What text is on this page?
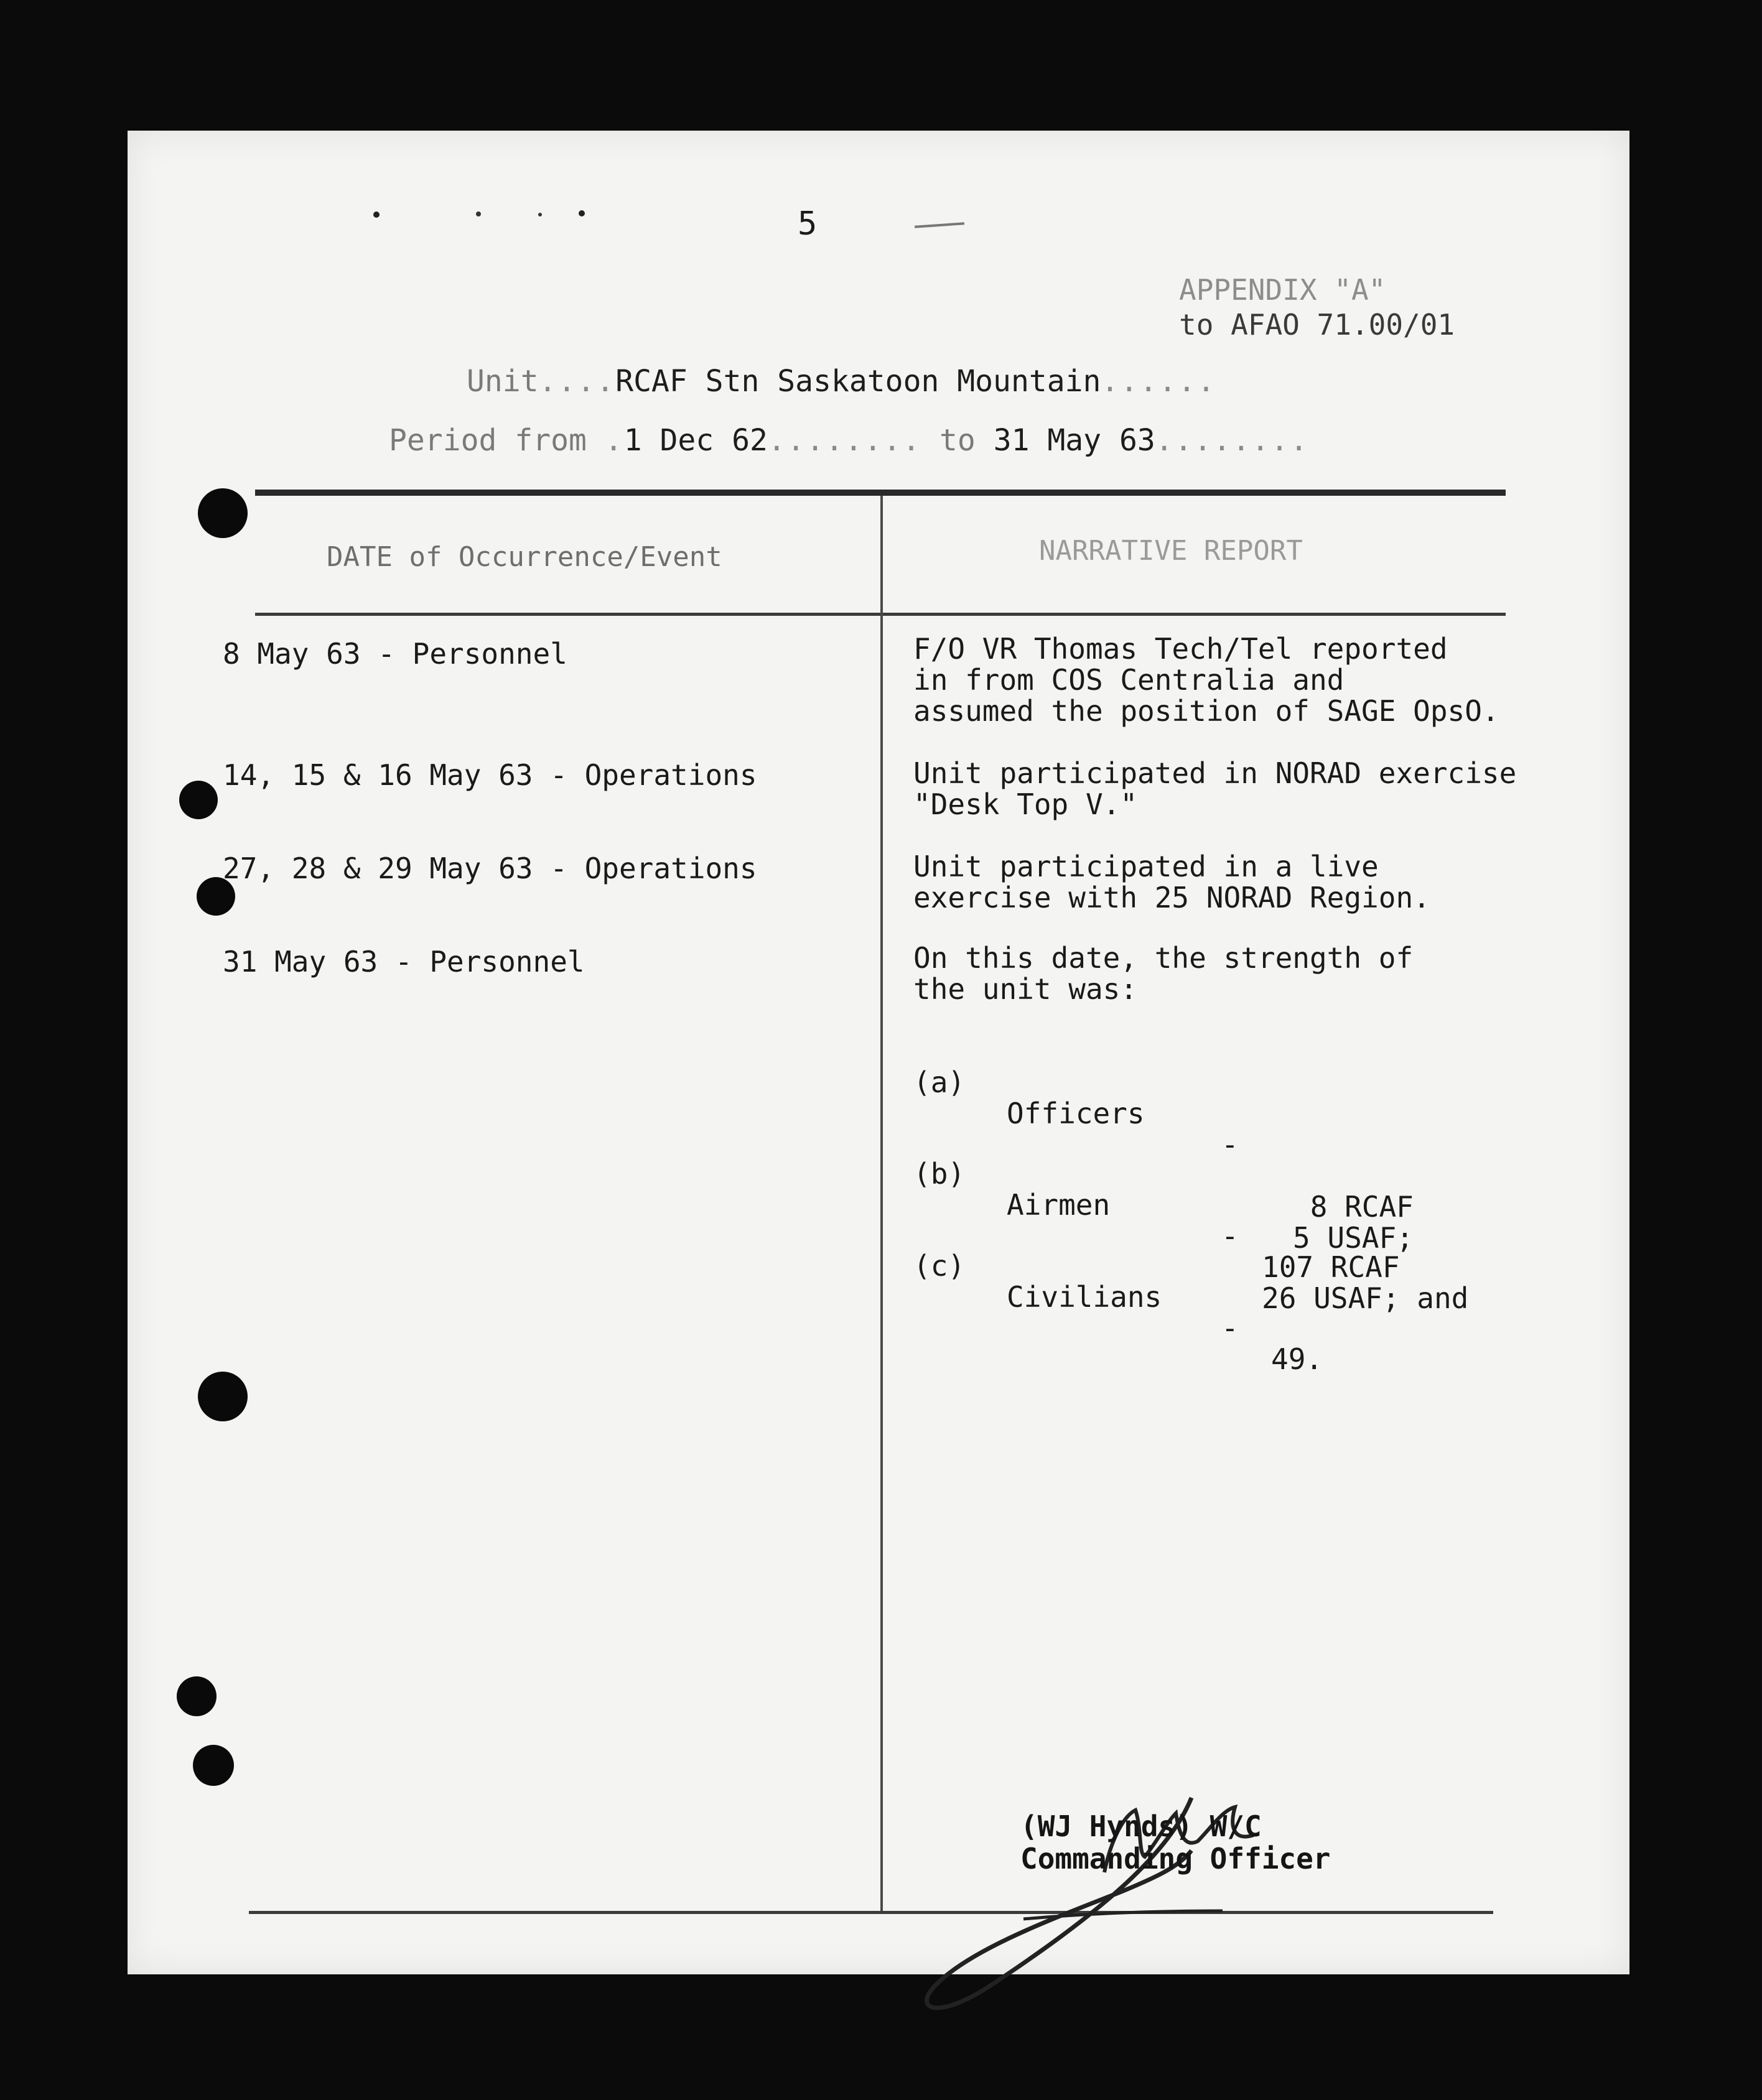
5
APPENDIX "A"
to AFAO 71.00/01
Unit....RCAF Stn Saskatoon Mountain......
Period from .1 Dec 62........ to 31 May 63........
DATE of Occurrence/Event	NARRATIVE REPORT
8 May 63 - Personnel
14, 15 & 16 May 63 - Operations
27, 28 & 29 May 63 - Operations
31 May 63 - Personnel
F/O VR Thomas Tech/Tel reported
in from COS Centralia and
assumed the position of SAGE OpsO.
Unit participated in NORAD exercise
"Desk Top V."
Unit participated in a live
exercise with 25 NORAD Region.
On this date, the strength of
the unit was:

(a)

Officers

-

8 RCAF
5 USAF;

(b)

Airmen

-

107 RCAF
26 USAF; and

(c)

Civilians

-

49.

(WJ Hynds) W/C
Commanding Officer
